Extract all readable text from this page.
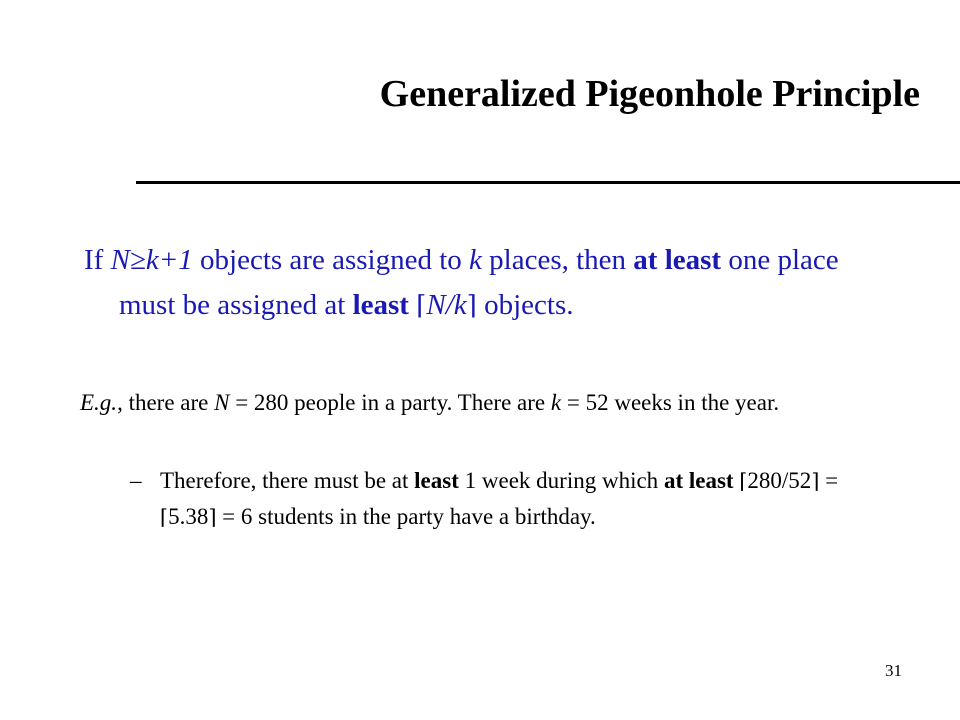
Generalized Pigeonhole Principle
If N≥k+1 objects are assigned to k places, then at least one place must be assigned at least ⌈N/k⌉ objects.
E.g., there are N = 280 people in a party. There are k = 52 weeks in the year.
– Therefore, there must be at least 1 week during which at least ⌈280/52⌉ = ⌈5.38⌉ = 6 students in the party have a birthday.
31
